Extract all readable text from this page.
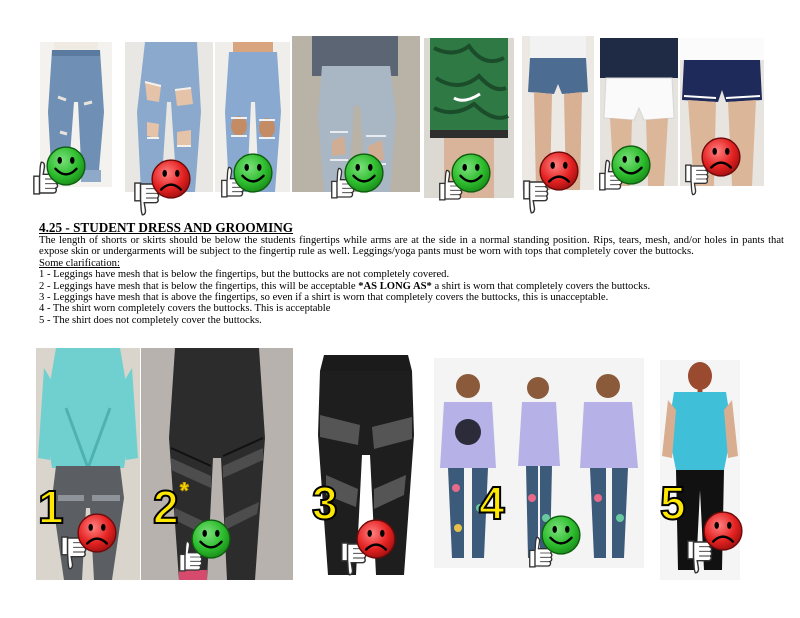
4.25 - STUDENT DRESS AND GROOMING

The length of shorts or skirts should be below the students fingertips while arms are at the side in a normal standing position. Rips, tears, mesh, and/or holes in pants that expose skin or undergarments will be subject to the fingertip rule as well. Leggings/yoga pants must be worn with tops that completely cover the buttocks.

Some clarification:
1 - Leggings have mesh that is below the fingertips, but the buttocks are not completely covered.
2 - Leggings have mesh that is below the fingertips, this will be acceptable *AS LONG AS* a shirt is worn that completely covers the buttocks.
3 - Leggings have mesh that is above the fingertips, so even if a shirt is worn that completely covers the buttocks, this is unacceptable.
4 - The shirt worn completely covers the buttocks. This is acceptable
5 - The shirt does not completely cover the buttocks.
1 2 *	3	4	5
